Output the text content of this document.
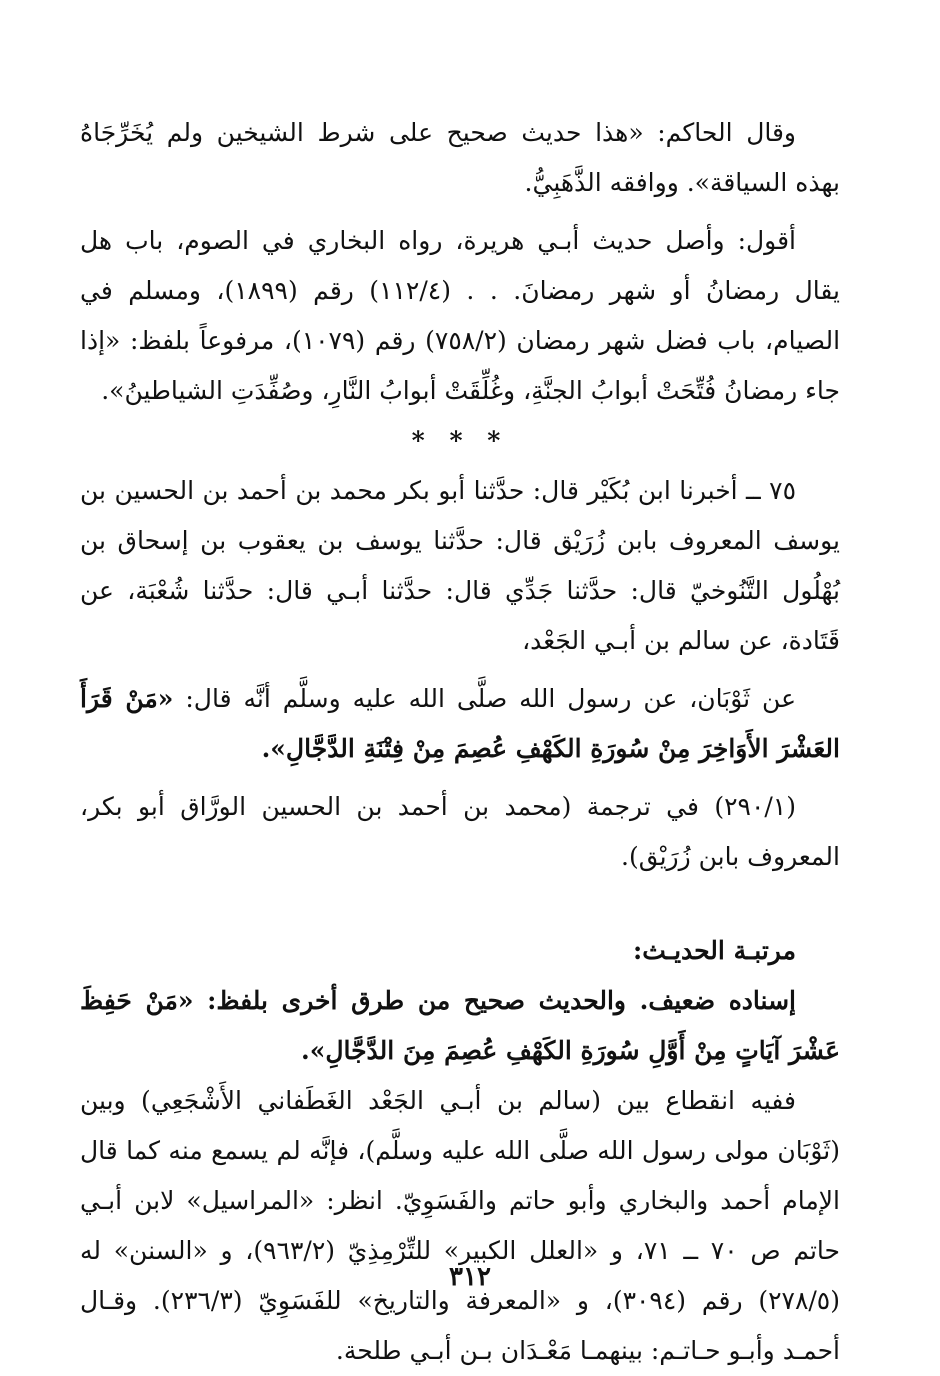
وقال الحاكم: «هذا حديث صحيح على شرط الشيخين ولم يُخَرِّجَاهُ بهذه السياقة». ووافقه الذَّهَبِيُّ.

أقول: وأصل حديث أبـي هريرة، رواه البخاري في الصوم، باب هل يقال رمضانُ أو شهر رمضانَ. . . (١١٢/٤) رقم (١٨٩٩)، ومسلم في الصيام، باب فضل شهر رمضان (٧٥٨/٢) رقم (١٠٧٩)، مرفوعاً بلفظ: «إذا جاء رمضانُ فُتِّحَتْ أبوابُ الجنَّةِ، وغُلِّقَتْ أبوابُ النَّارِ، وصُفِّدَتِ الشياطينُ».

* * *

٧٥ ــ أخبرنا ابن بُكَيْر قال: حدَّثنا أبو بكر محمد بن أحمد بن الحسين بن يوسف المعروف بابن زُرَيْق قال: حدَّثنا يوسف بن يعقوب بن إسحاق بن بُهْلُول التَّنُوخيّ قال: حدَّثنا جَدِّي قال: حدَّثنا أبـي قال: حدَّثنا شُعْبَة، عن قَتَادة، عن سالم بن أبـي الجَعْد،

عن ثَوْبَان، عن رسول الله صلَّى الله عليه وسلَّم أنَّه قال: «مَنْ قَرَأَ العَشْرَ الأَوَاخِرَ مِنْ سُورَةِ الكَهْفِ عُصِمَ مِنْ فِتْنَةِ الدَّجَّالِ».

(٢٩٠/١) في ترجمة (محمد بن أحمد بن الحسين الورَّاق أبو بكر، المعروف بابن زُرَيْق).

مرتبـة الحديـث:

إسناده ضعيف. والحديث صحيح من طرق أخرى بلفظ: «مَنْ حَفِظَ عَشْرَ آيَاتٍ مِنْ أَوَّلِ سُورَةِ الكَهْفِ عُصِمَ مِنَ الدَّجَّالِ».

ففيه انقطاع بين (سالم بن أبـي الجَعْد الغَطَفاني الأَشْجَعِي) وبين (ثَوْبَان مولى رسول الله صلَّى الله عليه وسلَّم)، فإنَّه لم يسمع منه كما قال الإمام أحمد والبخاري وأبو حاتم والفَسَوِيّ. انظر: «المراسيل» لابن أبـي حاتم ص ٧٠ ــ ٧١، و «العلل الكبير» للتِّرْمِذِيّ (٩٦٣/٢)، و «السنن» له (٢٧٨/٥) رقم (٣٠٩٤)، و «المعرفة والتاريخ» للفَسَوِيّ (٢٣٦/٣). وقـال أحمـد وأبـو حـاتـم: بينهمـا مَعْـدَان بـن أبـي طلحة.

٣١٢
